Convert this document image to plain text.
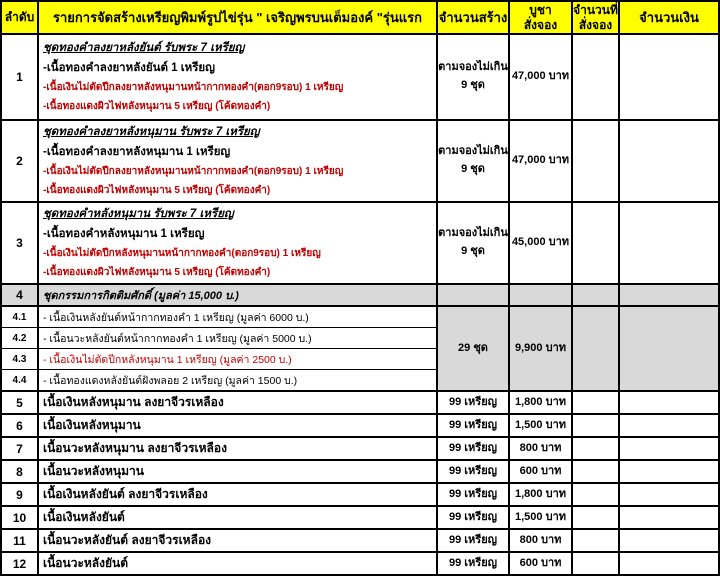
ลำดับ	รายการจัดสร้างเหรียญพิมพ์รูปไข่รุ่น " เจริญพรบนเต็มองค์ "รุ่นแรก	จำนวนสร้าง	บูชา
สั่งจอง

จำนวนที่
สั่งจอง	จำนวนเงิน
1	
ชุดทองคำลงยาหลังยันต์ รับพระ 7 เหรียญ
-เนื้อทองคำลงยาหลังยันต์ 1 เหรียญ
-เนื้อเงินไม่ตัดปีกลงยาหลังหนุมานหน้ากากทองคำ(ตอก9รอบ) 1 เหรียญ
-เนื้อทองแดงผิวไฟหลังหนุมาน 5 เหรียญ (โค้ดทองคำ)

ตามจองไม่เกิน
9 ชุด
	47,000 บาท		
2	
ชุดทองคำลงยาหลังหนุมาน รับพระ 7 เหรียญ
-เนื้อทองคำลงยาหลังหนุมาน 1 เหรียญ
-เนื้อเงินไม่ตัดปีกลงยาหลังหนุมานหน้ากากทองคำ(ตอก9รอบ) 1 เหรียญ
-เนื้อทองแดงผิวไฟหลังหนุมาน 5 เหรียญ (โค้ดทองคำ)

ตามจองไม่เกิน
9 ชุด
	47,000 บาท		
3	
ชุดทองคำหลังหนุมาน รับพระ 7 เหรียญ
-เนื้อทองคำหลังหนุมาน 1 เหรียญ
-เนื้อเงินไม่ตัดปีกหลังหนุมานหน้ากากทองคำ(ตอก9รอบ) 1 เหรียญ
-เนื้อทองแดงผิวไฟหลังหนุมาน 5 เหรียญ (โค้ดทองคำ)

ตามจองไม่เกิน
9 ชุด
	45,000 บาท		
4	ชุดกรรมการกิตติมศักดิ์ (มูลค่า 15,000 บ.)				
4.1	- เนื้อเงินหลังยันต์หน้ากากทองคำ 1 เหรียญ (มูลค่า 6000 บ.)	29 ชุด	9,900 บาท		
4.2	- เนื้อนวะหลังยันต์หน้ากากทองคำ 1 เหรียญ (มูลค่า 5000 บ.)				
4.3	- เนื้อเงินไม่ตัดปีกหลังหนุมาน 1 เหรียญ (มูลค่า 2500 บ.)				
4.4	- เนื้อทองแดงหลังยันต์ฝังพลอย 2 เหรียญ (มูลค่า 1500 บ.)				
5	เนื้อเงินหลังหนุมาน ลงยาจีวรเหลือง	99 เหรียญ	1,800 บาท		
6	เนื้อเงินหลังหนุมาน	99 เหรียญ	1,500 บาท		
7	เนื้อนวะหลังหนุมาน ลงยาจีวรเหลือง	99 เหรียญ	800 บาท		
8	เนื้อนวะหลังหนุมาน	99 เหรียญ	600 บาท		
9	เนื้อเงินหลังยันต์ ลงยาจีวรเหลือง	99 เหรียญ	1,800 บาท		
10	เนื้อเงินหลังยันต์	99 เหรียญ	1,500 บาท		
11	เนื้อนวะหลังยันต์ ลงยาจีวรเหลือง	99 เหรียญ	800 บาท		
12	เนื้อนวะหลังยันต์	99 เหรียญ	600 บาท		
